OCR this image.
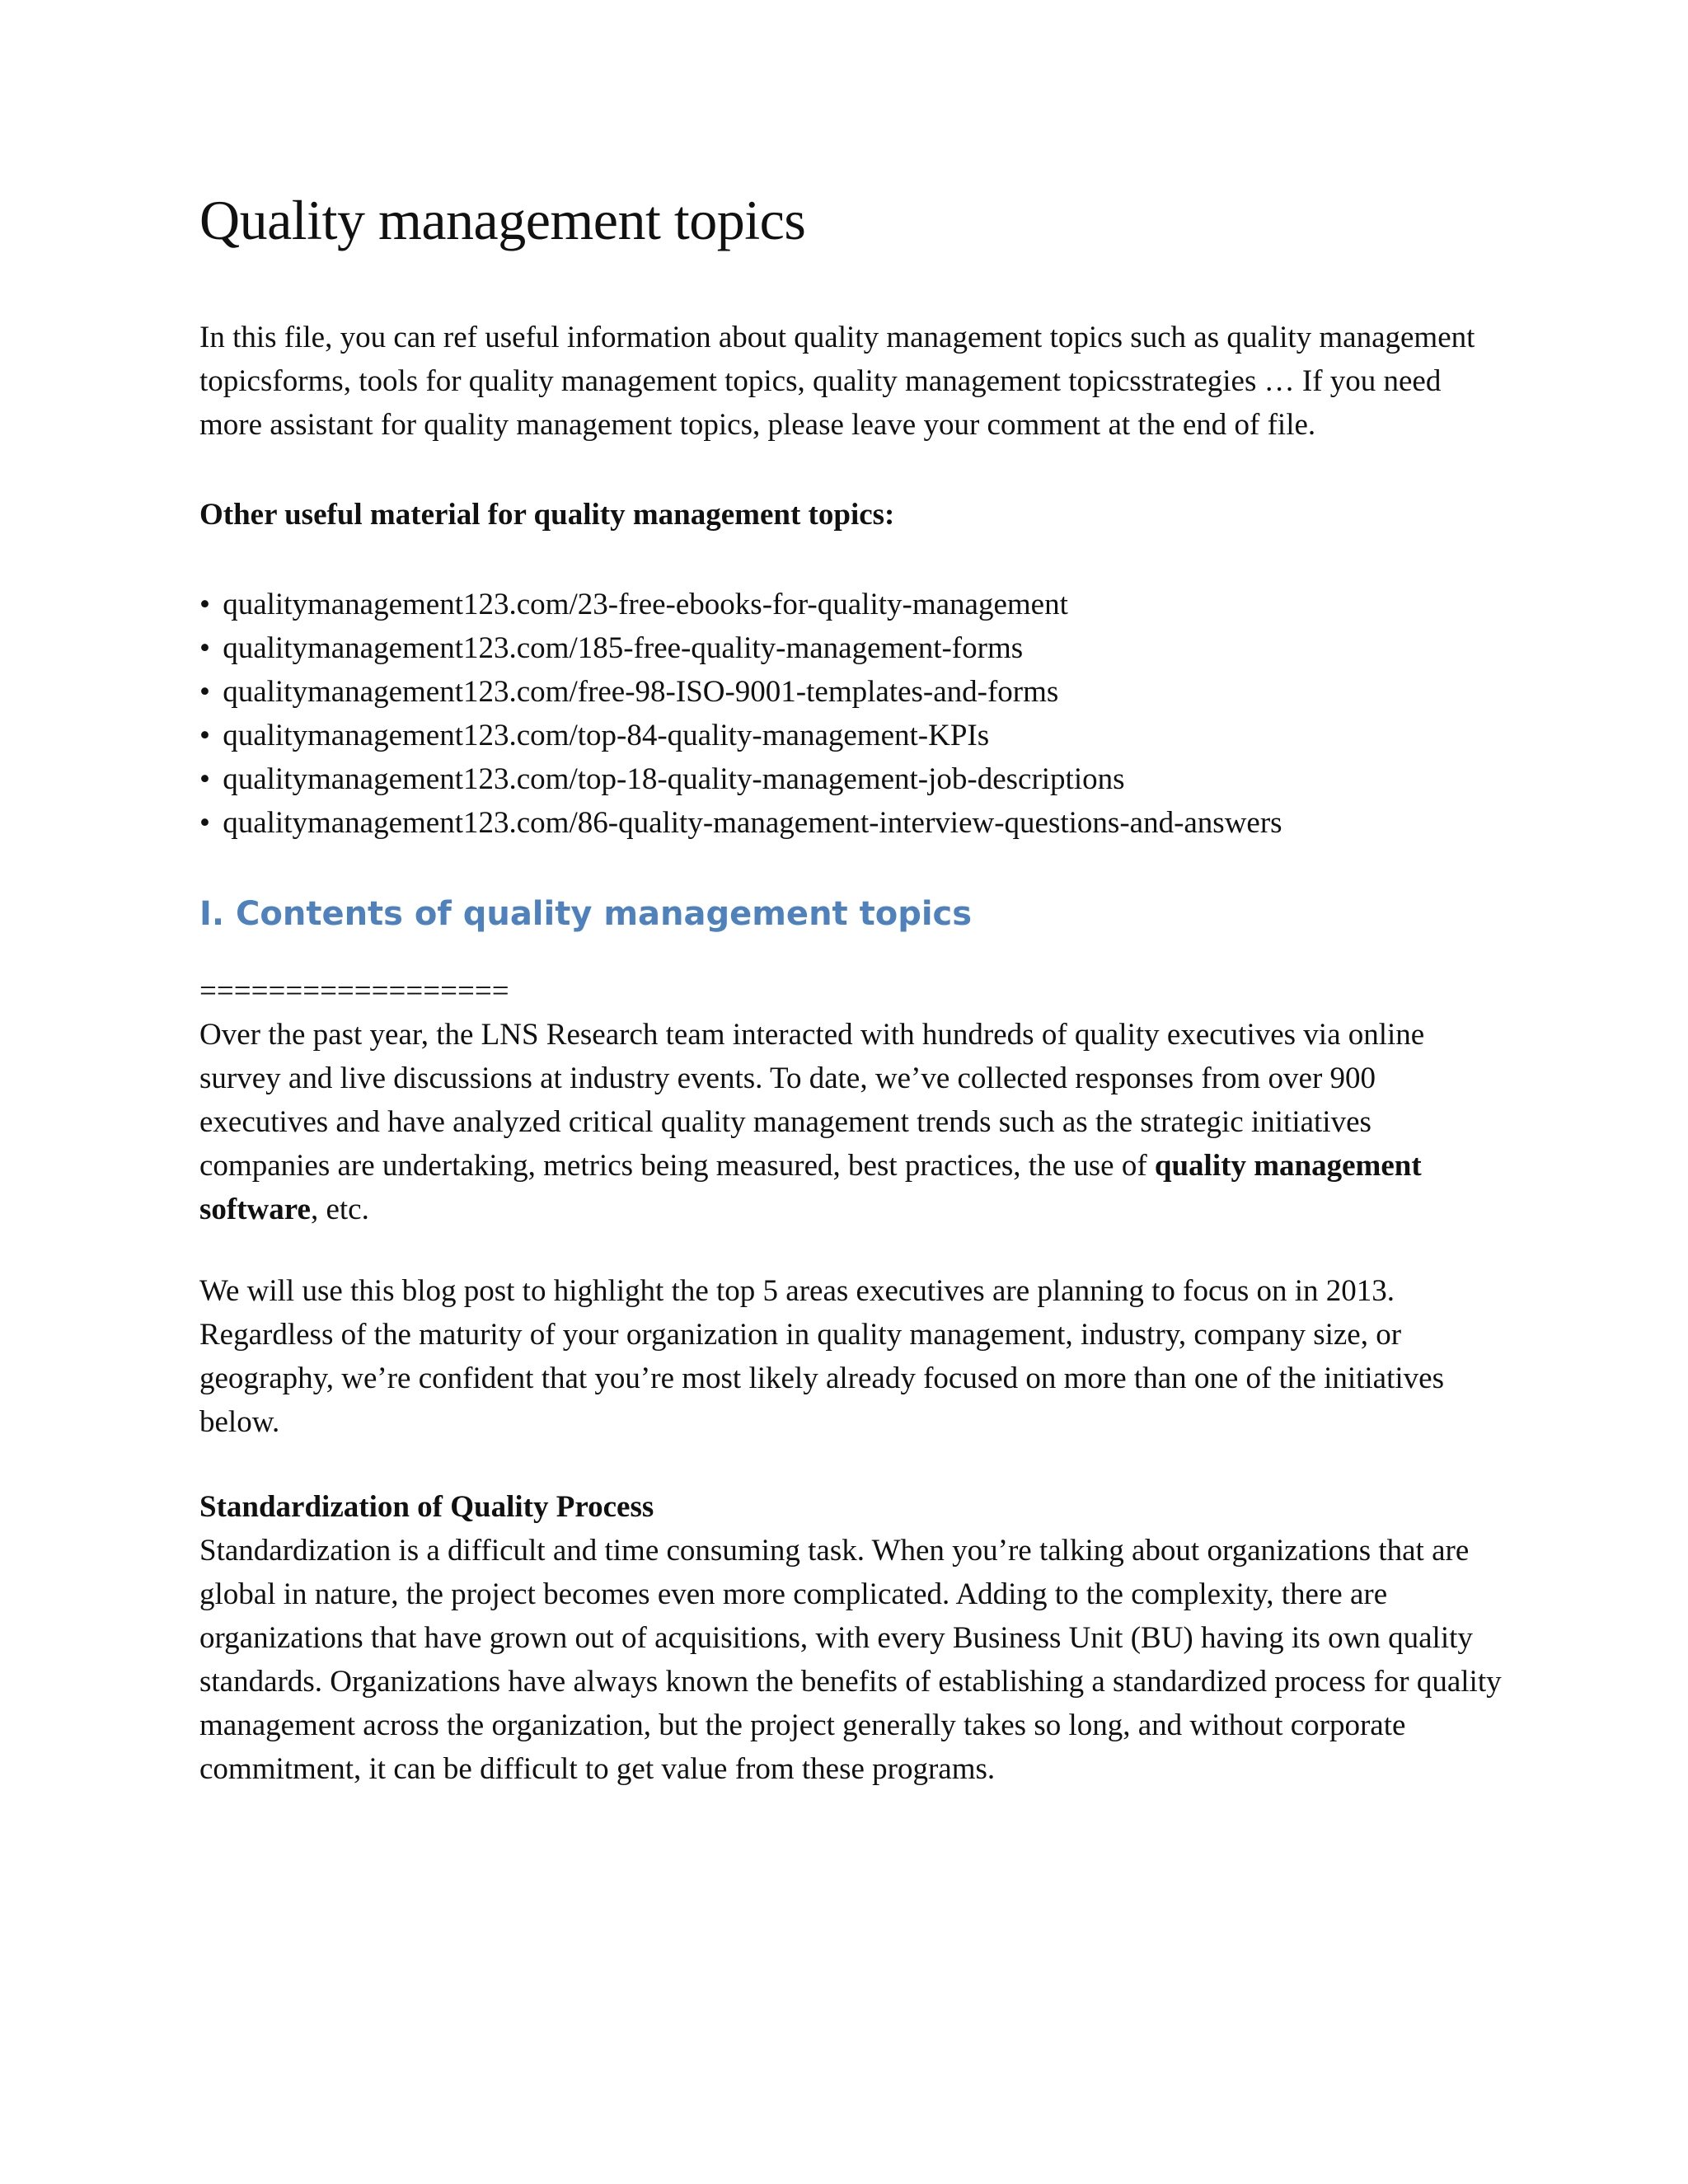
Quality management topics

In this file, you can ref useful information about quality management topics such as quality management topicsforms, tools for quality management topics, quality management topicsstrategies … If you need more assistant for quality management topics, please leave your comment at the end of file.

Other useful material for quality management topics:

• qualitymanagement123.com/23-free-ebooks-for-quality-management
• qualitymanagement123.com/185-free-quality-management-forms
• qualitymanagement123.com/free-98-ISO-9001-templates-and-forms
• qualitymanagement123.com/top-84-quality-management-KPIs
• qualitymanagement123.com/top-18-quality-management-job-descriptions
• qualitymanagement123.com/86-quality-management-interview-questions-and-answers
I. Contents of quality management topics

==================

Over the past year, the LNS Research team interacted with hundreds of quality executives via online survey and live discussions at industry events. To date, we’ve collected responses from over 900 executives and have analyzed critical quality management trends such as the strategic initiatives companies are undertaking, metrics being measured, best practices, the use of quality management software, etc.

We will use this blog post to highlight the top 5 areas executives are planning to focus on in 2013. Regardless of the maturity of your organization in quality management, industry, company size, or geography, we’re confident that you’re most likely already focused on more than one of the initiatives below.

Standardization of Quality Process

Standardization is a difficult and time consuming task. When you’re talking about organizations that are global in nature, the project becomes even more complicated. Adding to the complexity, there are organizations that have grown out of acquisitions, with every Business Unit (BU) having its own quality standards. Organizations have always known the benefits of establishing a standardized process for quality management across the organization, but the project generally takes so long, and without corporate commitment, it can be difficult to get value from these programs.
